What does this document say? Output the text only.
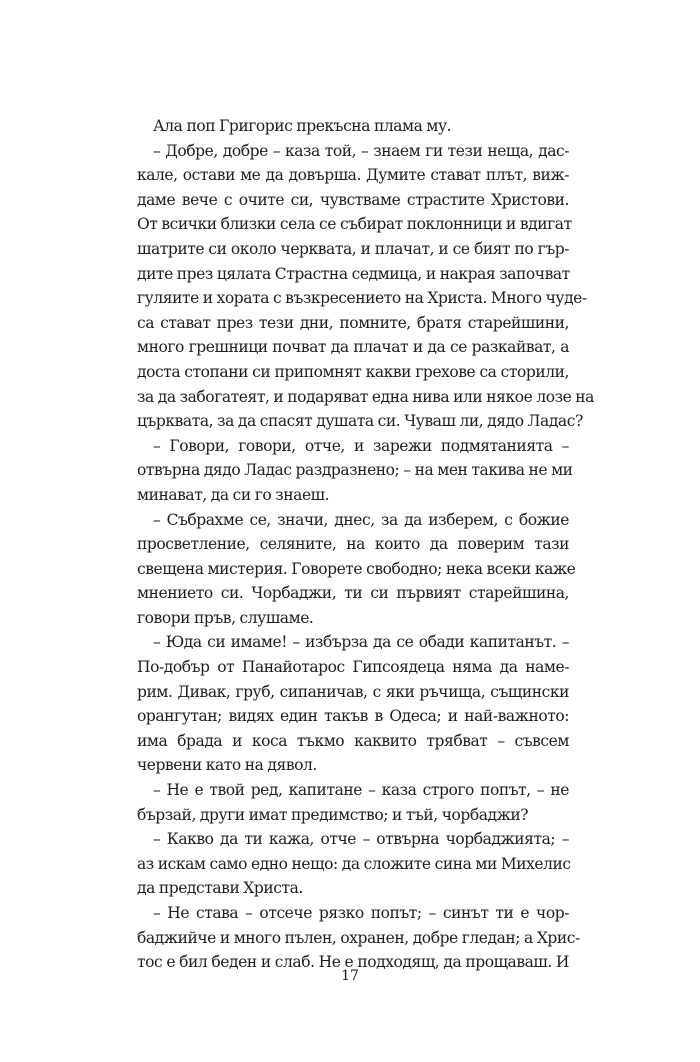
Ала поп Григорис прекъсна плама му.
– Добре, добре – каза той, – знаем ги тези неща, дас-
кале, остави ме да довърша. Думите стават плът, виж-
даме вече с очите си, чувстваме страстите Христови.
От всички близки села се събират поклонници и вдигат
шатрите си около черквата, и плачат, и се бият по гър-
дите през цялата Страстна седмица, и накрая започват
гуляите и хората с възкресението на Христа. Много чуде-
са стават през тези дни, помните, братя старейшини,
много грешници почват да плачат и да се разкайват, а
доста стопани си припомнят какви грехове са сторили,
за да забогатеят, и подаряват една нива или някое лозе на
църквата, за да спасят душата си. Чуваш ли, дядо Ладас?
– Говори, говори, отче, и зарежи подмятанията –
отвърна дядо Ладас раздразнено; – на мен такива не ми
минават, да си го знаеш.
– Събрахме се, значи, днес, за да изберем, с божие
просветление, селяните, на които да поверим тази
свещена мистерия. Говорете свободно; нека всеки каже
мнението си. Чорбаджи, ти си първият старейшина,
говори пръв, слушаме.
– Юда си имаме! – избърза да се обади капитанът. –
По-добър от Панайотарос Гипсоядеца няма да наме-
рим. Дивак, груб, сипаничав, с яки ръчища, същински
орангутан; видях един такъв в Одеса; и най-важното:
има брада и коса тъкмо каквито трябват – съвсем
червени като на дявол.
– Не е твой ред, капитане – каза строго попът, – не
бързай, други имат предимство; и тъй, чорбаджи?
– Какво да ти кажа, отче – отвърна чорбаджията; –
аз искам само едно нещо: да сложите сина ми Михелис
да представи Христа.
– Не става – отсече рязко попът; – синът ти е чор-
баджийче и много пълен, охранен, добре гледан; а Хрис-
тос е бил беден и слаб. Не е подходящ, да прощаваш. И
17
